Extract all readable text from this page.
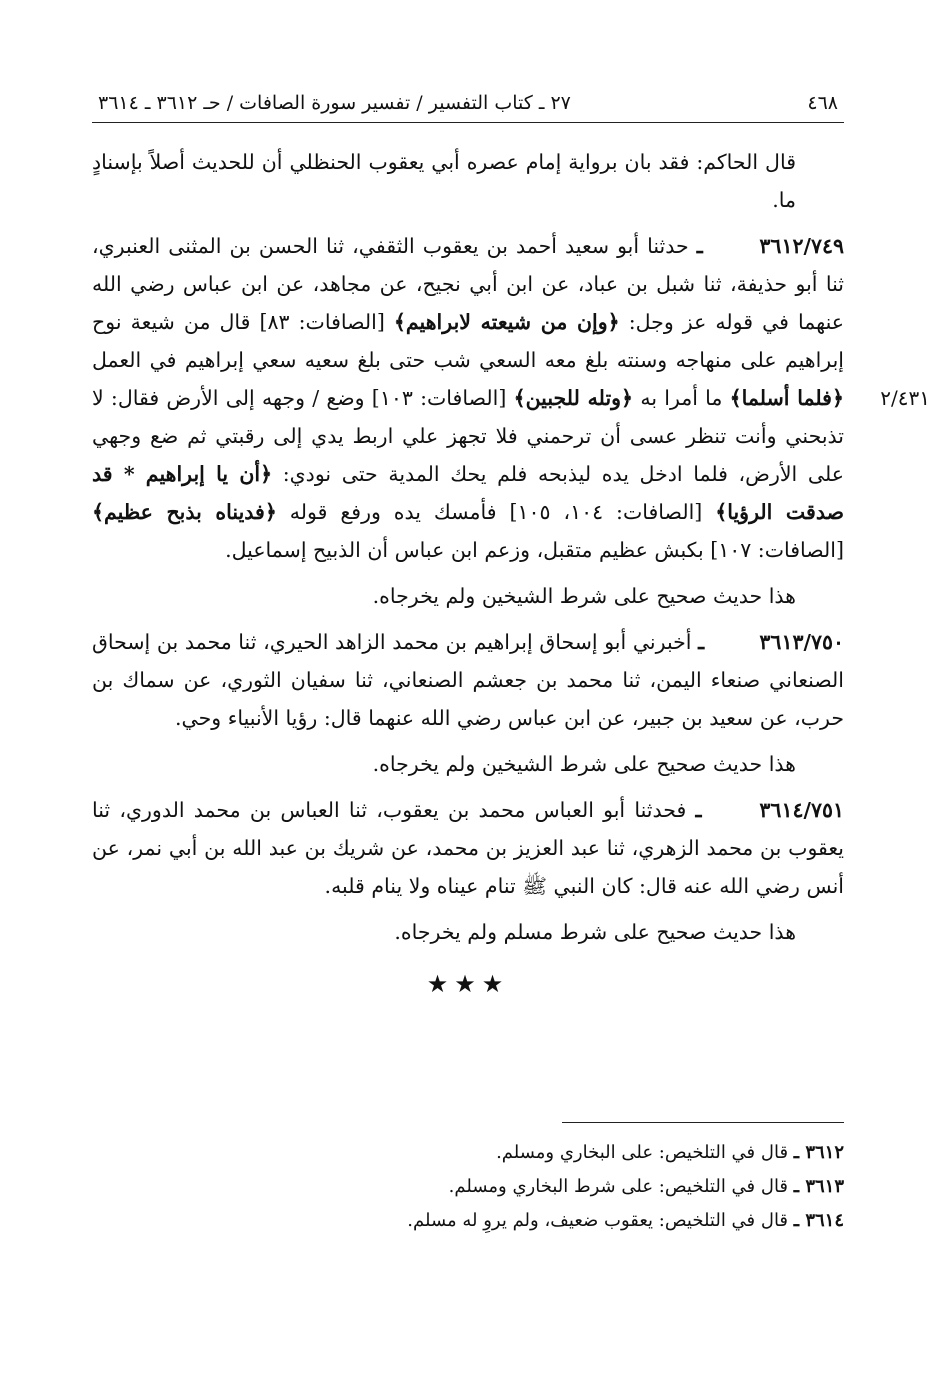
٤٦٨
٢٧ ـ كتاب التفسير / تفسير سورة الصافات / حـ ٣٦١٢ ـ ٣٦١٤

قال الحاكم: فقد بان برواية إمام عصره أبي يعقوب الحنظلي أن للحديث أصلاً بإسنادٍ ما.

٣٦١٢/٧٤٩ ـ حدثنا أبو سعيد أحمد بن يعقوب الثقفي، ثنا الحسن بن المثنى العنبري، ثنا أبو حذيفة، ثنا شبل بن عباد، عن ابن أبي نجيح، عن مجاهد، عن ابن عباس رضي الله عنهما في قوله عز وجل: ﴿وإن من شيعته لابراهيم﴾ [الصافات: ٨٣] قال من شيعة نوح إبراهيم على منهاجه وسنته بلغ معه السعي شب حتى بلغ سعيه سعي إبراهيم في العمل ﴿فلما أسلما﴾ ما أمرا به ﴿وتله للجبين﴾ [الصافات: ١٠٣] وضع / وجهه إلى الأرض فقال: لا تذبحني وأنت تنظر عسى أن ترحمني فلا تجهز علي اربط يدي إلى رقبتي ثم ضع وجهي على الأرض، فلما ادخل يده ليذبحه فلم يحك المدية حتى نودي: ﴿أن يا إبراهيم * قد صدقت الرؤيا﴾ [الصافات: ١٠٤، ١٠٥] فأمسك يده ورفع قوله ﴿فديناه بذبح عظيم﴾ [الصافات: ١٠٧] بكبش عظيم متقبل، وزعم ابن عباس أن الذبيح إسماعيل.
٢/٤٣١

هذا حديث صحيح على شرط الشيخين ولم يخرجاه.

٣٦١٣/٧٥٠ ـ أخبرني أبو إسحاق إبراهيم بن محمد الزاهد الحيري، ثنا محمد بن إسحاق الصنعاني صنعاء اليمن، ثنا محمد بن جعشم الصنعاني، ثنا سفيان الثوري، عن سماك بن حرب، عن سعيد بن جبير، عن ابن عباس رضي الله عنهما قال: رؤيا الأنبياء وحي.

هذا حديث صحيح على شرط الشيخين ولم يخرجاه.

٣٦١٤/٧٥١ ـ فحدثنا أبو العباس محمد بن يعقوب، ثنا العباس بن محمد الدوري، ثنا يعقوب بن محمد الزهري، ثنا عبد العزيز بن محمد، عن شريك بن عبد الله بن أبي نمر، عن أنس رضي الله عنه قال: كان النبي ﷺ تنام عيناه ولا ينام قلبه.

هذا حديث صحيح على شرط مسلم ولم يخرجاه.

★★★
٣٦١٢ ـ قال في التلخيص: على البخاري ومسلم.
٣٦١٣ ـ قال في التلخيص: على شرط البخاري ومسلم.
٣٦١٤ ـ قال في التلخيص: يعقوب ضعيف، ولم يروِ له مسلم.
